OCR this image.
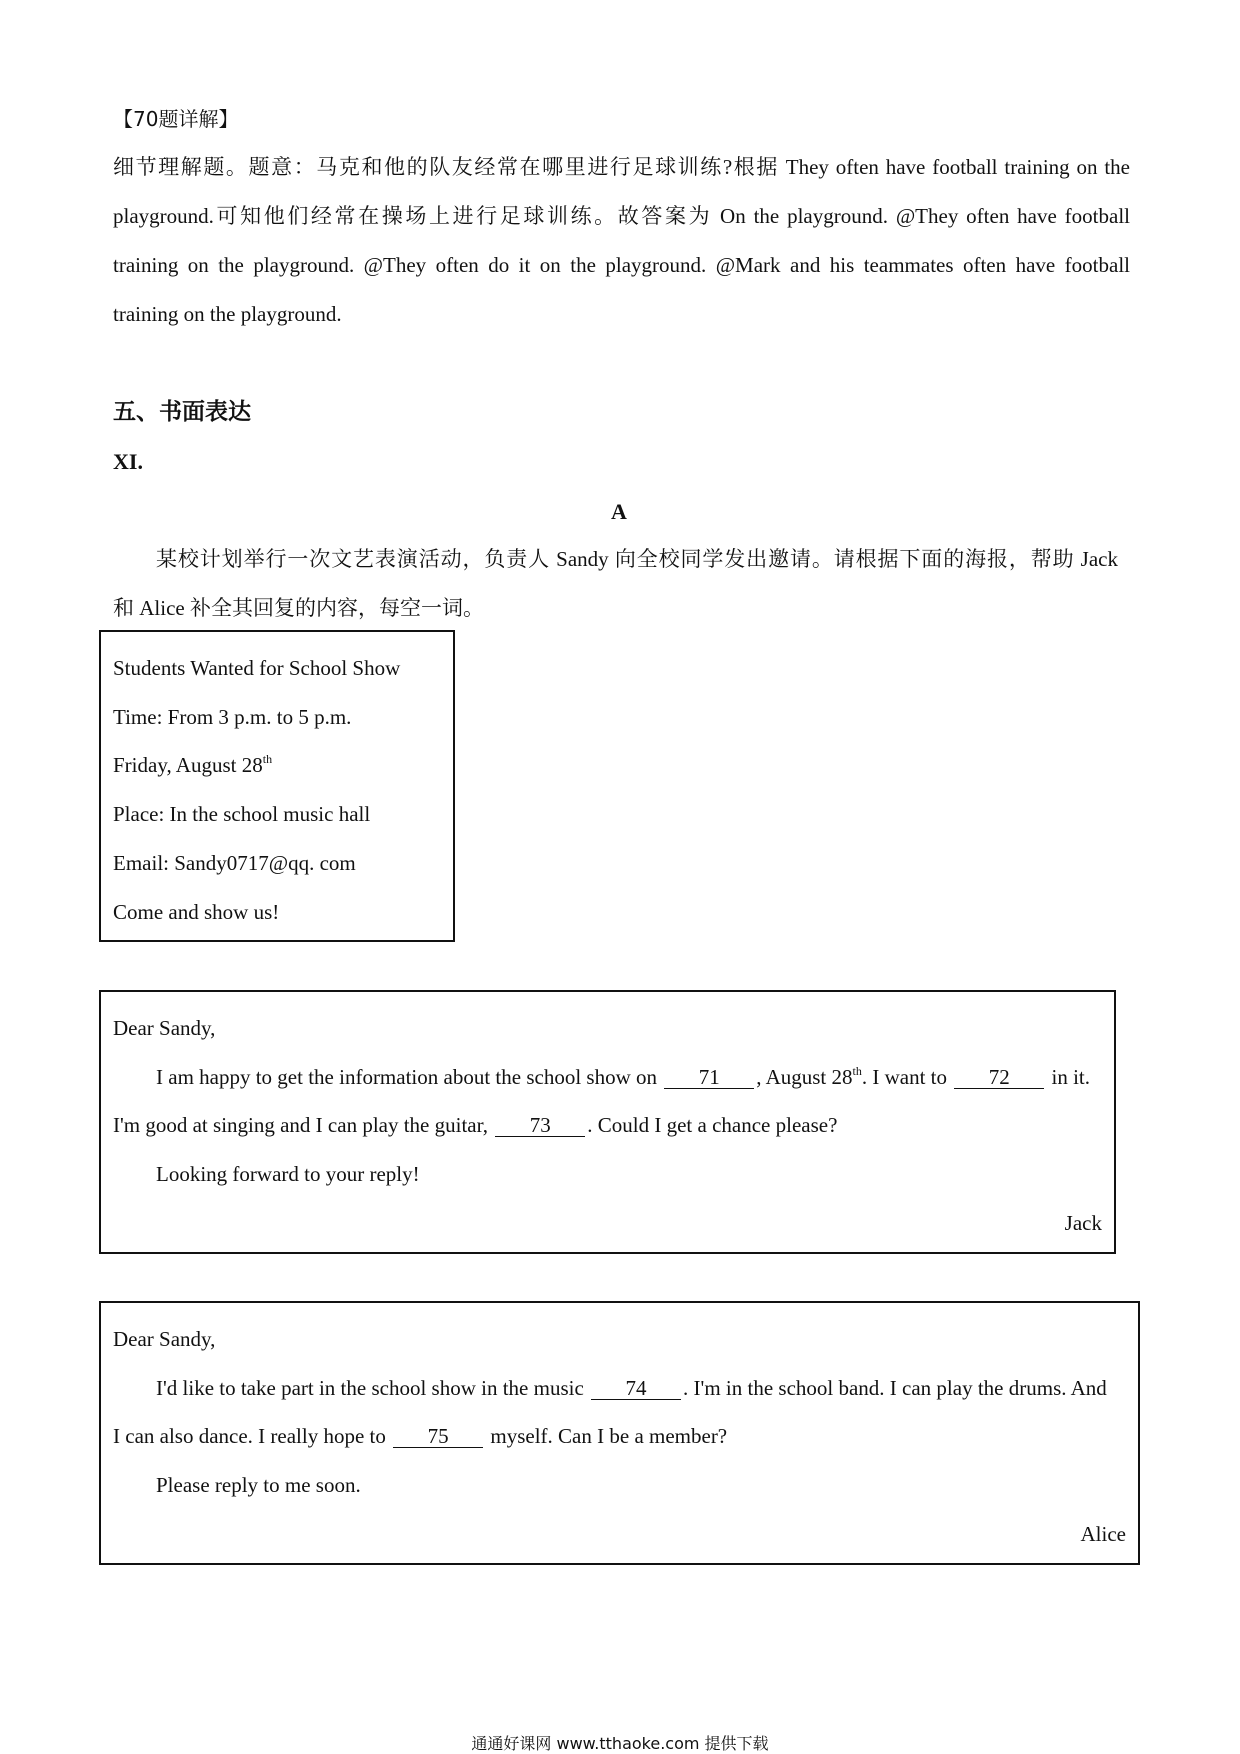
【70题详解】
细节理解题。题意：马克和他的队友经常在哪里进行足球训练?根据 They often have football training on the
playground.可知他们经常在操场上进行足球训练。故答案为 On the playground. @They often have football
training on the playground. @They often do it on the playground. @Mark and his teammates often have football
training on the playground.
五、书面表达
XI.
A
某校计划举行一次文艺表演活动，负责人 Sandy 向全校同学发出邀请。请根据下面的海报，帮助 Jack
和 Alice 补全其回复的内容，每空一词。
Students Wanted for School Show
Time: From 3 p.m. to 5 p.m.
Friday, August 28th
Place: In the school music hall
Email: Sandy0717@qq. com
Come and show us!
Dear Sandy,
I am happy to get the information about the school show on 71 , August 28th. I want to 72 in it.
I'm good at singing and I can play the guitar, 73 . Could I get a chance please?
Looking forward to your reply!
Jack
Dear Sandy,
I'd like to take part in the school show in the music 74 . I'm in the school band. I can play the drums. And
I can also dance. I really hope to 75 myself. Can I be a member?
Please reply to me soon.
Alice
通通好课网 www.tthaoke.com 提供下载
